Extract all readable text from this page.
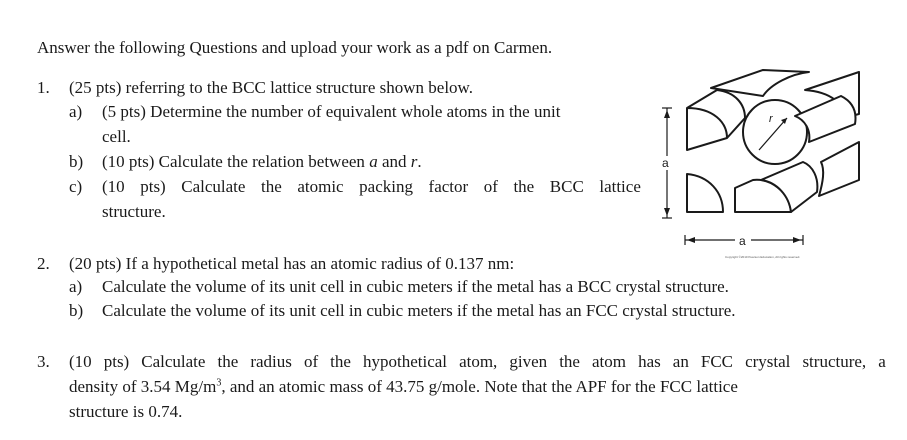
Answer the following Questions and upload your work as a pdf on Carmen.
1. (25 pts) referring to the BCC lattice structure shown below.
a) (5 pts) Determine the number of equivalent whole atoms in the unit
cell.
b) (10 pts) Calculate the relation between a and r.
c) (10 pts) Calculate the atomic packing factor of the BCC lattice
structure.
r
a
a
Copyright ©2010 Pearson Education, All rights reserved.
2. (20 pts) If a hypothetical metal has an atomic radius of 0.137 nm:
a) Calculate the volume of its unit cell in cubic meters if the metal has a BCC crystal structure.
b) Calculate the volume of its unit cell in cubic meters if the metal has an FCC crystal structure.
3. (10 pts) Calculate the radius of the hypothetical atom, given the atom has an FCC crystal structure, a
density of 3.54 $Mg/m^3$, and an atomic mass of 43.75 g/mole. Note that the APF for the FCC lattice
structure is 0.74.
